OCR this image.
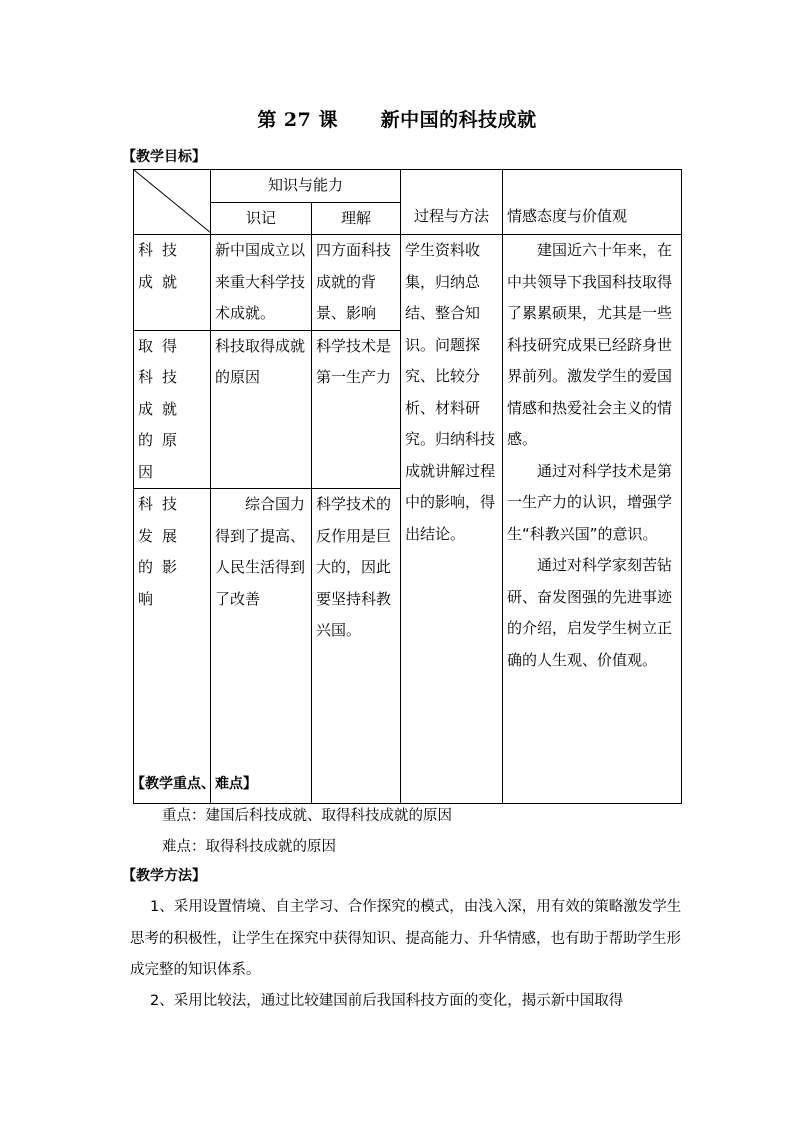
第 27 课      新中国的科技成就
【教学目标】
	知识与能力		过程与方法	情感态度与价值观
	识记	理解		
科技成就	新中国成立以来重大科学技术成就。	四方面科技成就的背景、影响	学生资料收集，归纳总结、整合知识。问题探究、比较分析、材料研究。归纳科技成就讲解过程中的影响，得出结论。	建国近六十年来，在中共领导下我国科技取得了累累硕果，尤其是一些科技研究成果已经跻身世界前列。激发学生的爱国情感和热爱社会主义的情感。
通过对科学技术是第一生产力的认识，增强学生“科教兴国”的意识。
通过对科学家刻苦钻研、奋发图强的先进事迹的介绍，启发学生树立正确的人生观、价值观。

取得科技成就的原因	科技取得成就的原因	科学技术是第一生产力		
科技发展的影响	综合国力得到了提高、人民生活得到了改善	科学技术的反作用是巨大的，因此要坚持科教兴国。		
【教学重点、难点】
重点：建国后科技成就、取得科技成就的原因
难点：取得科技成就的原因
【教学方法】
1、采用设置情境、自主学习、合作探究的模式，由浅入深，用有效的策略激发学生思考的积极性，让学生在探究中获得知识、提高能力、升华情感，也有助于帮助学生形成完整的知识体系。
2、采用比较法，通过比较建国前后我国科技方面的变化，揭示新中国取得
